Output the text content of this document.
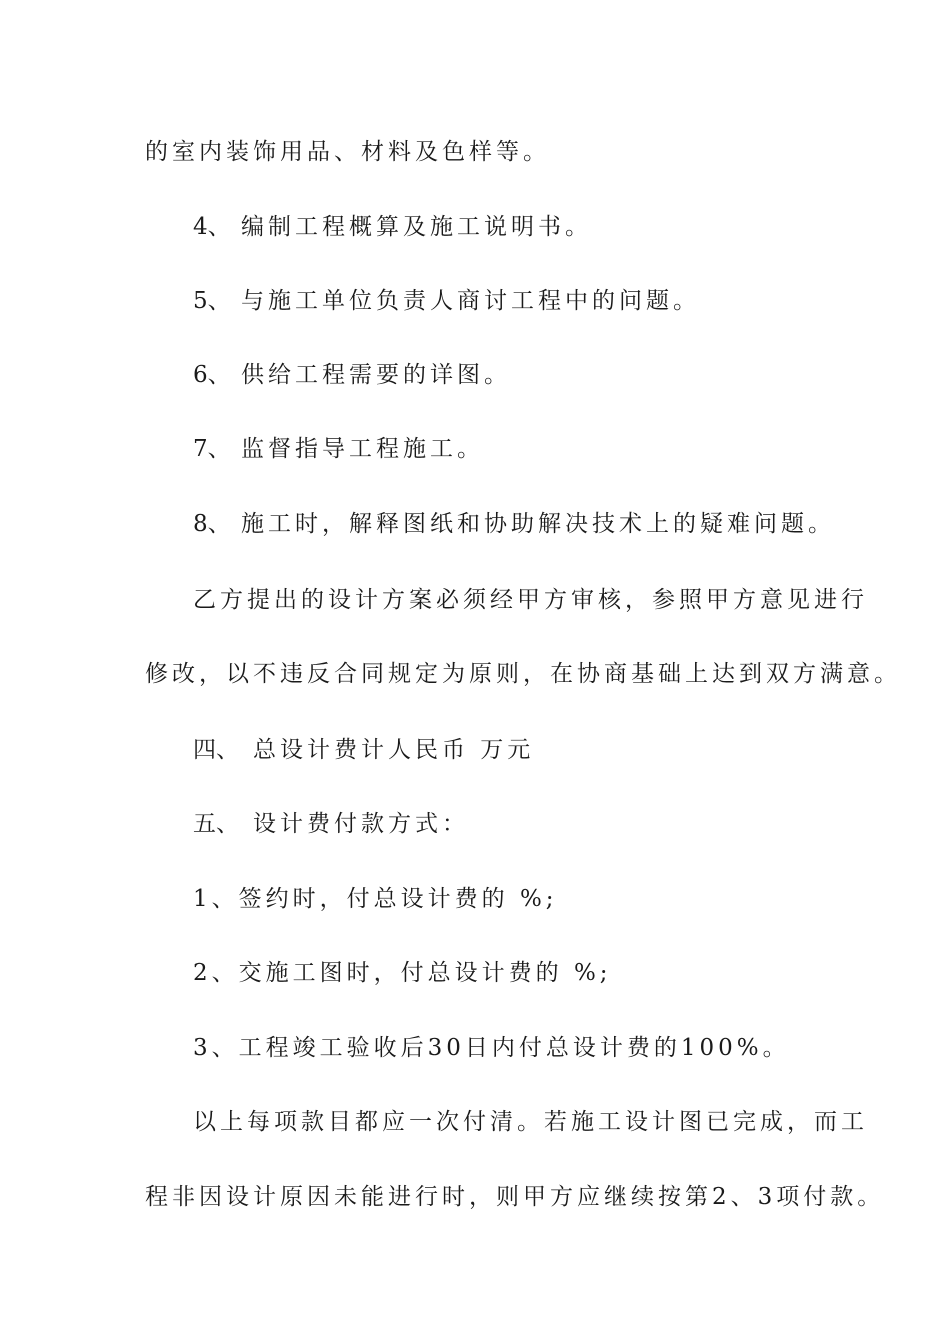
的室内装饰用品、材料及色样等。
4、 编制工程概算及施工说明书。
5、 与施工单位负责人商讨工程中的问题。
6、 供给工程需要的详图。
7、 监督指导工程施工。
8、 施工时，解释图纸和协助解决技术上的疑难问题。
乙方提出的设计方案必须经甲方审核，参照甲方意见进行
修改，以不违反合同规定为原则，在协商基础上达到双方满意。
四、 总设计费计人民币 万元
五、 设计费付款方式：
1、签约时，付总设计费的 %;
2、交施工图时，付总设计费的 %;
3、工程竣工验收后30日内付总设计费的100%。
以上每项款目都应一次付清。若施工设计图已完成，而工
程非因设计原因未能进行时，则甲方应继续按第2、3项付款。
